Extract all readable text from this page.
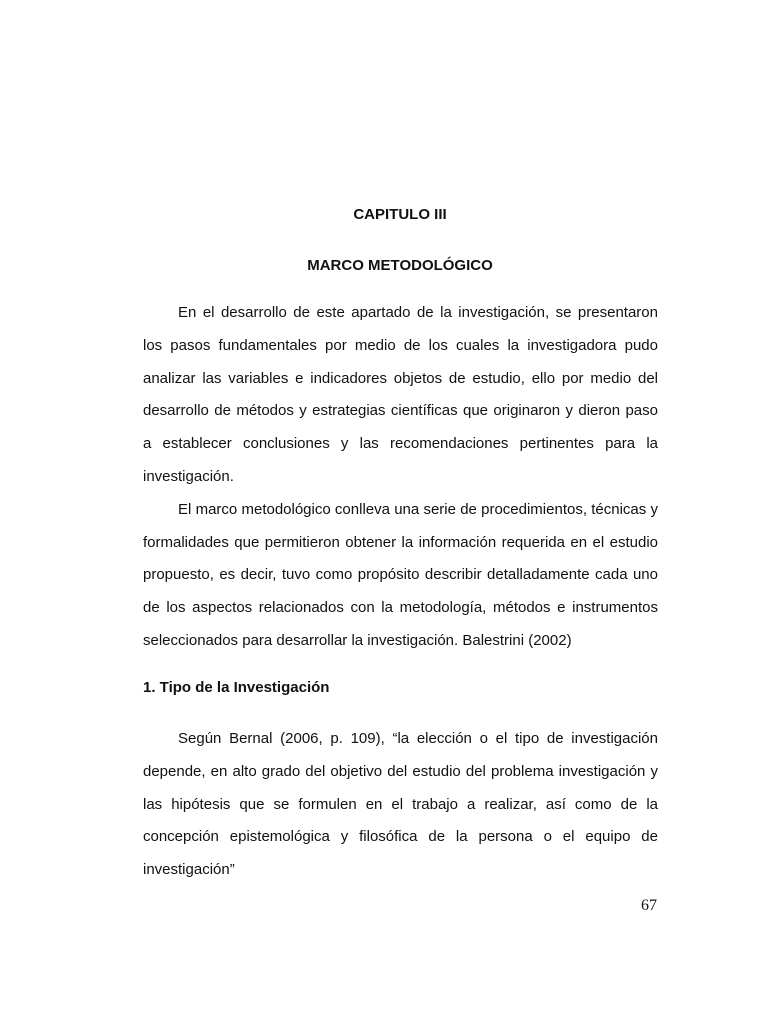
CAPITULO III
MARCO METODOLÓGICO

En el desarrollo de este apartado de la investigación, se presentaron los pasos fundamentales por medio de los cuales la investigadora pudo analizar las variables e indicadores objetos de estudio, ello por medio del desarrollo de métodos y estrategias científicas que originaron y dieron paso a establecer conclusiones y las recomendaciones pertinentes para la investigación.

El marco metodológico conlleva una serie de procedimientos, técnicas y formalidades que permitieron obtener la información requerida en el estudio propuesto, es decir, tuvo como propósito describir detalladamente cada uno de los aspectos relacionados con la metodología, métodos e instrumentos seleccionados para desarrollar la investigación. Balestrini (2002)

1. Tipo de la Investigación

Según Bernal (2006, p. 109), “la elección o el tipo de investigación depende, en alto grado del objetivo del estudio del problema investigación y las hipótesis que se formulen en el trabajo a realizar, así como de la concepción epistemológica y filosófica de la persona o el equipo de investigación”

67
